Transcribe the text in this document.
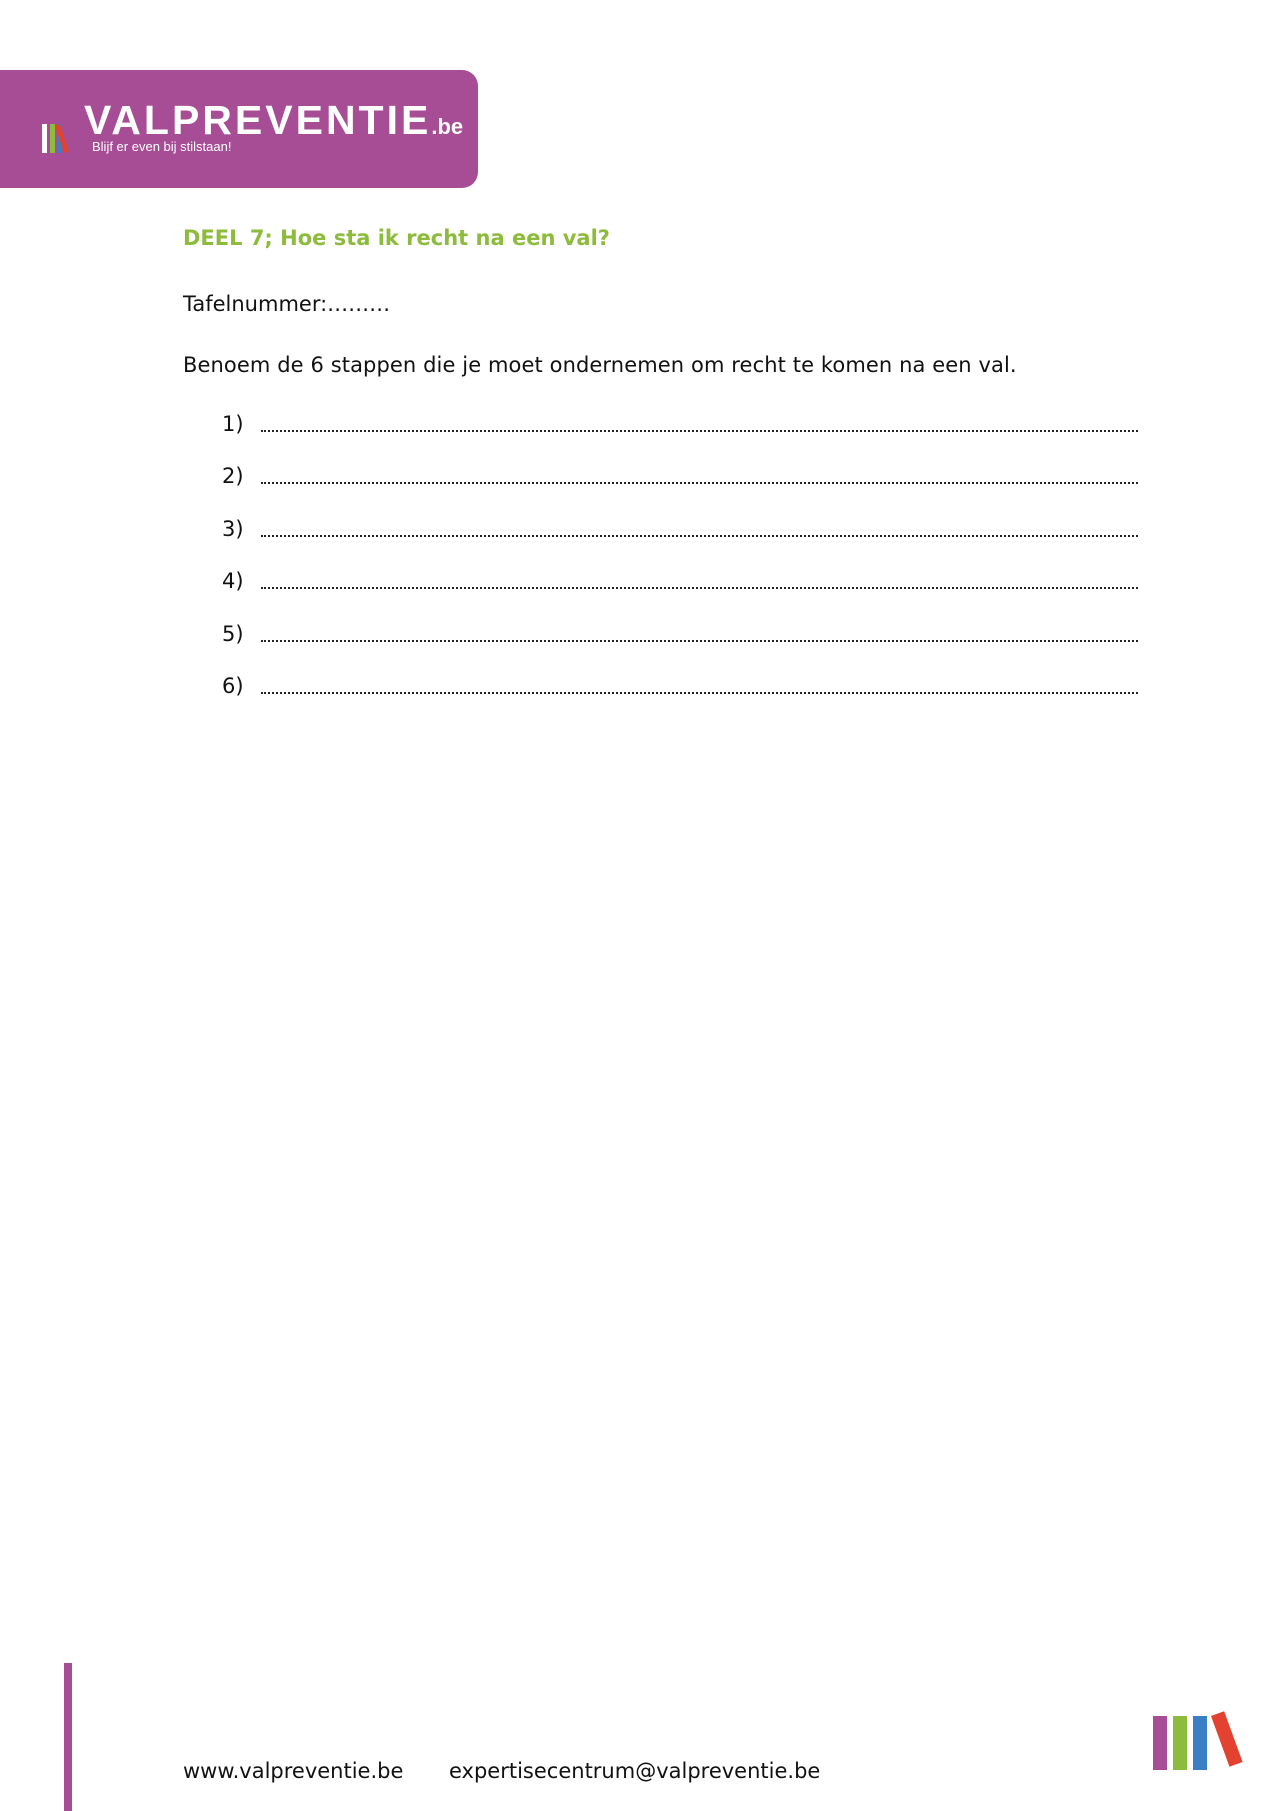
VALPREVENTIE.be
Blijf er even bij stilstaan!
DEEL 7; Hoe sta ik recht na een val?
Tafelnummer:………
Benoem de 6 stappen die je moet ondernemen om recht te komen na een val.
1)
2)
3)
4)
5)
6)
www.valpreventie.be expertisecentrum@valpreventie.be
